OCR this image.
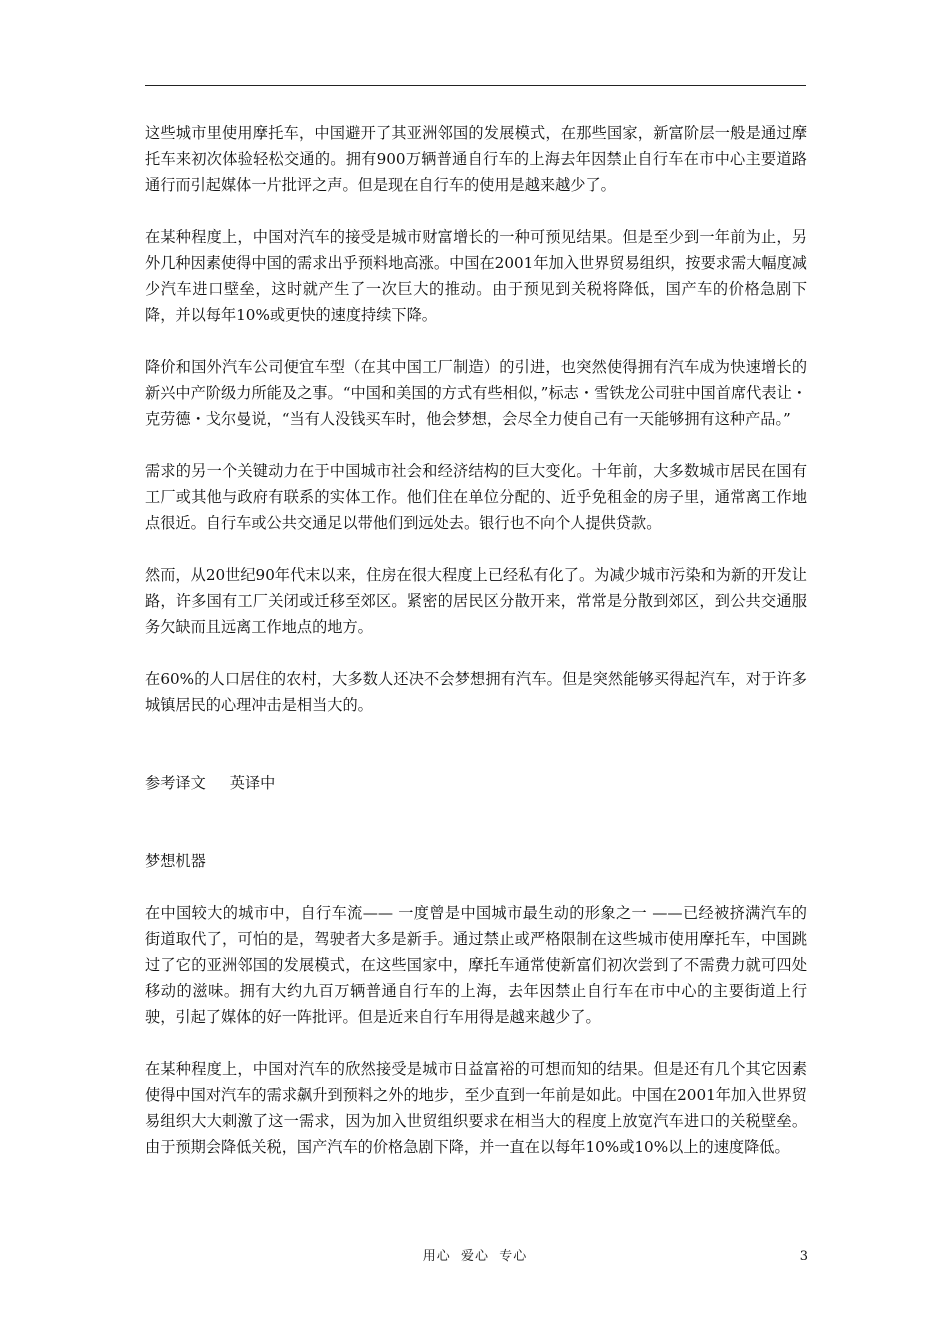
这些城市里使用摩托车，中国避开了其亚洲邻国的发展模式，在那些国家，新富阶层一般是通过摩托车来初次体验轻松交通的。拥有900万辆普通自行车的上海去年因禁止自行车在市中心主要道路通行而引起媒体一片批评之声。但是现在自行车的使用是越来越少了。

在某种程度上，中国对汽车的接受是城市财富增长的一种可预见结果。但是至少到一年前为止，另外几种因素使得中国的需求出乎预料地高涨。中国在2001年加入世界贸易组织，按要求需大幅度减少汽车进口壁垒，这时就产生了一次巨大的推动。由于预见到关税将降低，国产车的价格急剧下降，并以每年10%或更快的速度持续下降。

降价和国外汽车公司便宜车型（在其中国工厂制造）的引进，也突然使得拥有汽车成为快速增长的新兴中产阶级力所能及之事。“中国和美国的方式有些相似，”标志・雪铁龙公司驻中国首席代表让・克劳德・戈尔曼说，“当有人没钱买车时，他会梦想，会尽全力使自己有一天能够拥有这种产品。”

需求的另一个关键动力在于中国城市社会和经济结构的巨大变化。十年前，大多数城市居民在国有工厂或其他与政府有联系的实体工作。他们住在单位分配的、近乎免租金的房子里，通常离工作地点很近。自行车或公共交通足以带他们到远处去。银行也不向个人提供贷款。

然而，从20世纪90年代末以来，住房在很大程度上已经私有化了。为减少城市污染和为新的开发让路，许多国有工厂关闭或迁移至郊区。紧密的居民区分散开来，常常是分散到郊区，到公共交通服务欠缺而且远离工作地点的地方。

在60%的人口居住的农村，大多数人还决不会梦想拥有汽车。但是突然能够买得起汽车，对于许多城镇居民的心理冲击是相当大的。

参考译文 英译中

梦想机器

在中国较大的城市中，自行车流—— 一度曾是中国城市最生动的形象之一 ——已经被挤满汽车的街道取代了，可怕的是，驾驶者大多是新手。通过禁止或严格限制在这些城市使用摩托车，中国跳过了它的亚洲邻国的发展模式，在这些国家中，摩托车通常使新富们初次尝到了不需费力就可四处移动的滋味。拥有大约九百万辆普通自行车的上海，去年因禁止自行车在市中心的主要街道上行驶，引起了媒体的好一阵批评。但是近来自行车用得是越来越少了。

在某种程度上，中国对汽车的欣然接受是城市日益富裕的可想而知的结果。但是还有几个其它因素使得中国对汽车的需求飙升到预料之外的地步，至少直到一年前是如此。中国在2001年加入世界贸易组织大大刺激了这一需求，因为加入世贸组织要求在相当大的程度上放宽汽车进口的关税壁垒。由于预期会降低关税，国产汽车的价格急剧下降，并一直在以每年10%或10%以上的速度降低。

用心  爱心  专心	3
